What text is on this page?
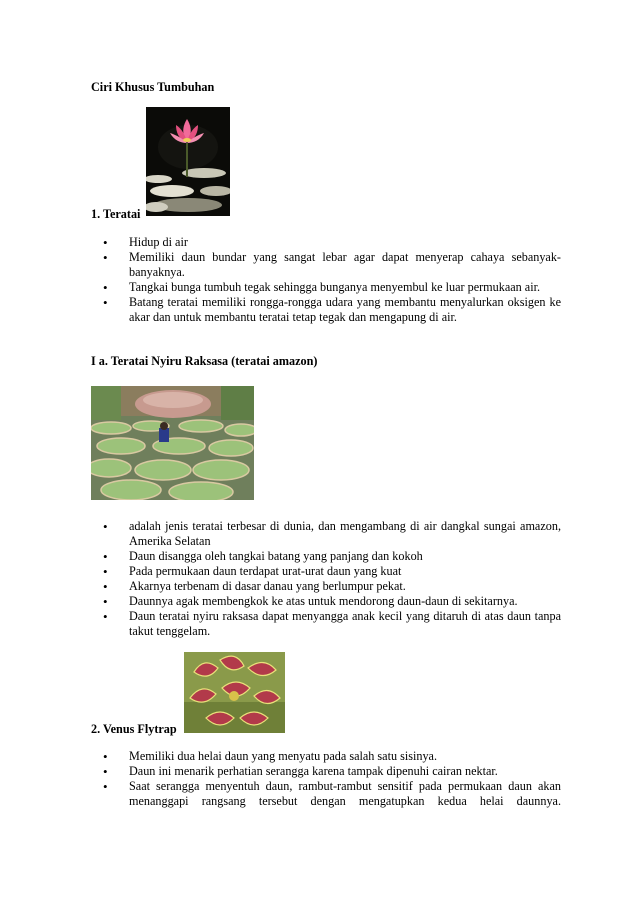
Ciri Khusus Tumbuhan
1. Teratai
• Hidup di air
• Memiliki daun bundar yang sangat lebar agar dapat menyerap cahaya sebanyak-banyaknya.
• Tangkai bunga tumbuh tegak sehingga bunganya menyembul ke luar permukaan air.
• Batang teratai memiliki rongga-rongga udara yang membantu menyalurkan oksigen ke akar dan untuk membantu teratai tetap tegak dan mengapung di air.
I a. Teratai Nyiru Raksasa (teratai amazon)
• adalah jenis teratai terbesar di dunia, dan mengambang di air dangkal sungai amazon, Amerika Selatan
• Daun disangga oleh tangkai batang yang panjang dan kokoh
• Pada permukaan daun terdapat urat-urat daun yang kuat
• Akarnya terbenam di dasar danau yang berlumpur pekat.
• Daunnya agak membengkok ke atas untuk mendorong daun-daun di sekitarnya.
• Daun teratai nyiru raksasa dapat menyangga anak kecil yang ditaruh di atas daun tanpa takut tenggelam.
2. Venus Flytrap
• Memiliki dua helai daun yang menyatu pada salah satu sisinya.
• Daun ini menarik perhatian serangga karena tampak dipenuhi cairan nektar.
• Saat serangga menyentuh daun, rambut-rambut sensitif pada permukaan daun akan menanggapi rangsang tersebut dengan mengatupkan kedua helai daunnya.
